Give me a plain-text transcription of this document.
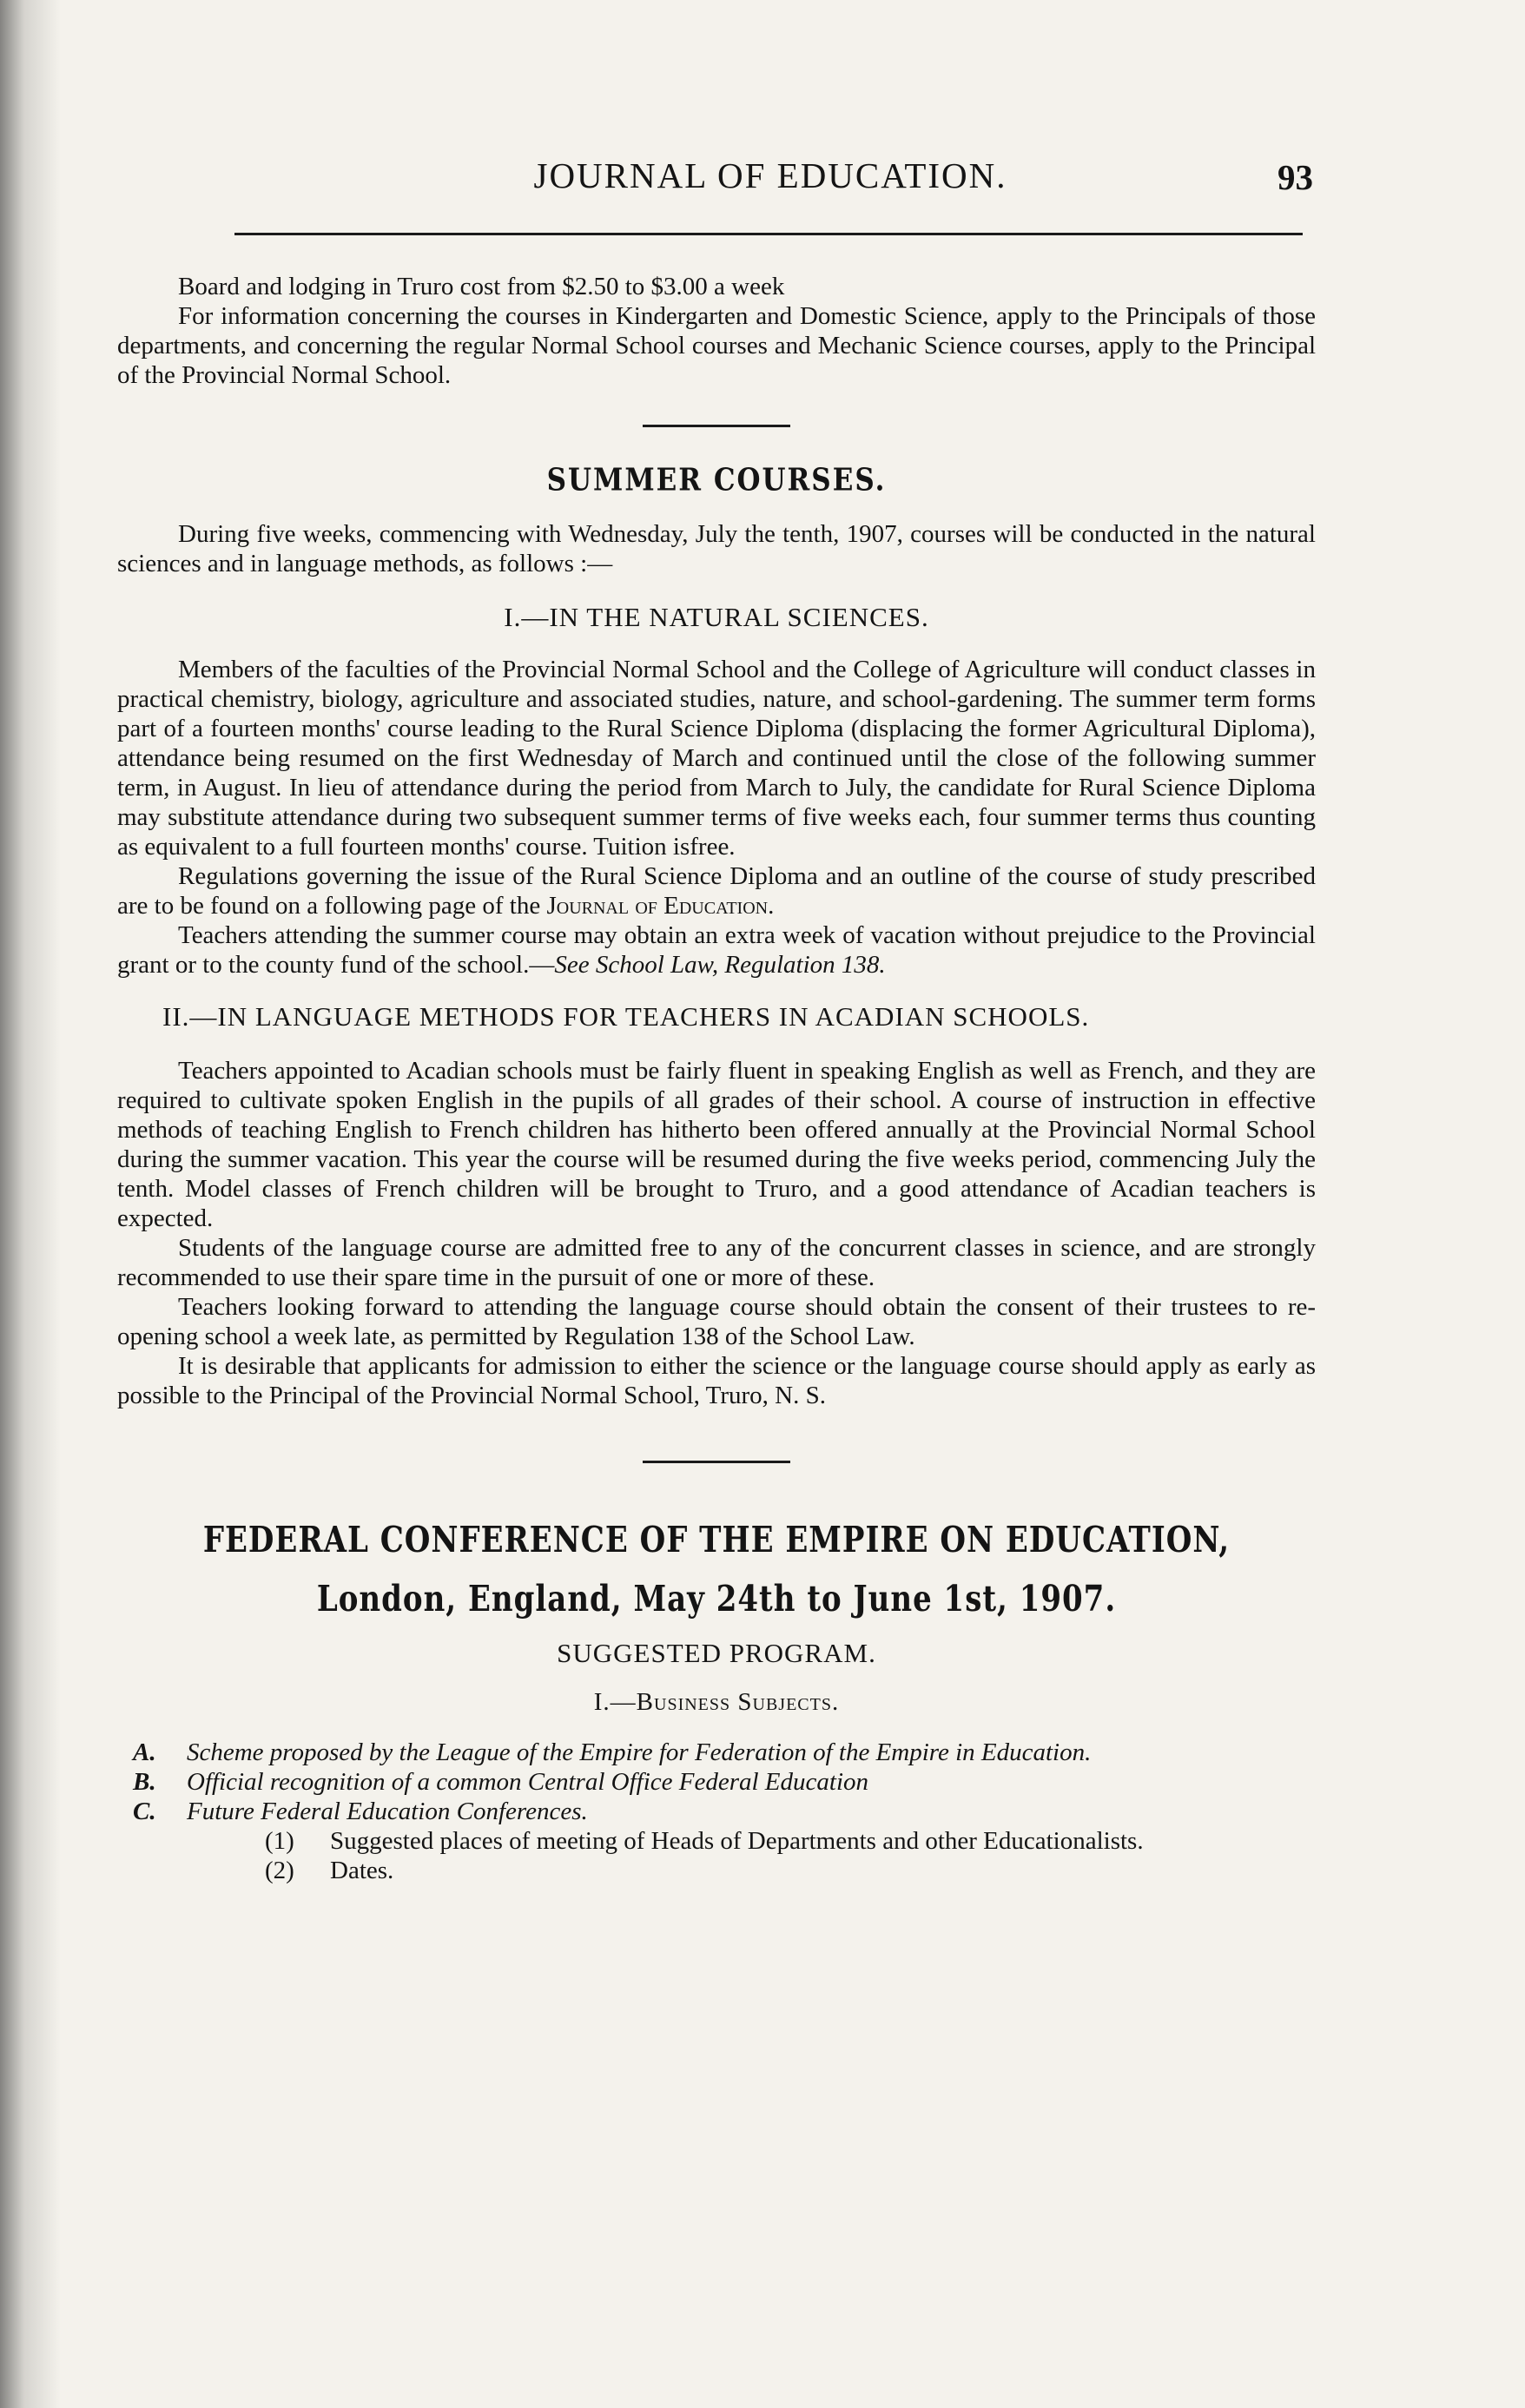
JOURNAL OF EDUCATION.	93

Board and lodging in Truro cost from $2.50 to $3.00 a week

For information concerning the courses in Kindergarten and Domestic Science, apply to the Principals of those departments, and concerning the regular Normal School courses and Mechanic Science courses, apply to the Principal of the Provincial Normal School.

SUMMER COURSES.

During five weeks, commencing with Wednesday, July the tenth, 1907, courses will be conducted in the natural sciences and in language methods, as follows :—

I.—IN THE NATURAL SCIENCES.

Members of the faculties of the Provincial Normal School and the College of Agriculture will conduct classes in practical chemistry, biology, agriculture and associated studies, nature, and school-gardening. The summer term forms part of a fourteen months' course leading to the Rural Science Diploma (displacing the former Agricultural Diploma), attendance being resumed on the first Wednesday of March and continued until the close of the following summer term, in August. In lieu of attendance during the period from March to July, the candidate for Rural Science Diploma may substitute attendance during two subsequent summer terms of five weeks each, four summer terms thus counting as equivalent to a full fourteen months' course. Tuition isfree.

Regulations governing the issue of the Rural Science Diploma and an outline of the course of study prescribed are to be found on a following page of the Journal of Education.

Teachers attending the summer course may obtain an extra week of vacation without prejudice to the Provincial grant or to the county fund of the school.—See School Law, Regulation 138.

II.—IN LANGUAGE METHODS FOR TEACHERS IN ACADIAN SCHOOLS.

Teachers appointed to Acadian schools must be fairly fluent in speaking English as well as French, and they are required to cultivate spoken English in the pupils of all grades of their school. A course of instruction in effective methods of teaching English to French children has hitherto been offered annually at the Provincial Normal School during the summer vacation. This year the course will be resumed during the five weeks period, commencing July the tenth. Model classes of French children will be brought to Truro, and a good attendance of Acadian teachers is expected.

Students of the language course are admitted free to any of the concurrent classes in science, and are strongly recommended to use their spare time in the pursuit of one or more of these.

Teachers looking forward to attending the language course should obtain the consent of their trustees to re-opening school a week late, as permitted by Regulation 138 of the School Law.

It is desirable that applicants for admission to either the science or the language course should apply as early as possible to the Principal of the Provincial Normal School, Truro, N. S.

FEDERAL CONFERENCE OF THE EMPIRE ON EDUCATION,
London, England, May 24th to June 1st, 1907.
SUGGESTED PROGRAM.
I.—Business Subjects.
A. Scheme proposed by the League of the Empire for Federation of the Empire in Education.
B. Official recognition of a common Central Office Federal Education
C. Future Federal Education Conferences.
(1)	Suggested places of meeting of Heads of Departments and other Educationalists.
(2)	Dates.
